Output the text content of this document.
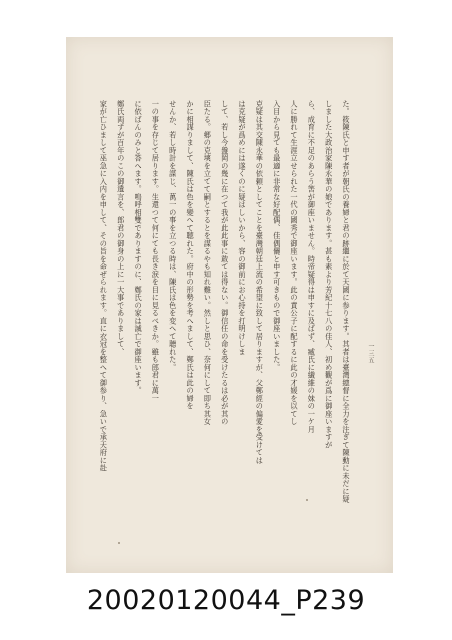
た。筱陳氏と申す者が朝氏の養婦と君の跡繼に於て天國に参ります。其者は臺灣總督に全力を注ぎて陳動に未だに疑
しました大政治家陳永華の娘であります。甚も素より芳紀十七八の佳人、初め觀が爲に御座いますが
ら、成育に不足のあらう筈が御座いません。時帝疑得は申すに及ばず、臧氏に繊維の妹の一ケ月
人に勝れて生涯立せられた一代の國秀で御座います。此の責公子に配するに此の才媛を以てし
入目から見ても最適に非常な好配偶、佳偶儷と申す可きもので御座いました。
克疑は其交陳永華の依頼としてことを臺灣朝廷上流の希望に致して居りますが、父鄭經の偏愛を受けては
は克疑が爲めには遂くのに疑はしいから、容の御前にお心持を打明けしま
して、若し今盤岡の幾に在つて我が此此事に敢ては得ない。御信任の命を受けたるは必が其の
臣たる。郷の克塽を立てて嗣とするとを謀るやも知れ難い。然しと思ひ、奈何にして即ち其女
かに相謀りまして、陳氏は色を變へて聴れた。府中の形勢を考へまして、鄭氏は此の婦を
せんか、若し時計を謀じ、萬一の事を立つる時は、陳氏は色を変へて聴れた。
一の事を存じて居ります。生還つて何にても長き涙を目に見るべきか。雖も郎君に萬一
に依ばんのみと答へます。嗚呼相雙でありますのに、鄭氏の家は滅亡で御座います。
鄭氏両ずが百年のこの御遺言を、郎君の御身の上に一大事でありまして、
家が亡ひまして巫急に入内を申して、その旨を命ぜられます。直に衣冠を整へて御参り、急いで承天府に赴	一三五
20020120044_P239
